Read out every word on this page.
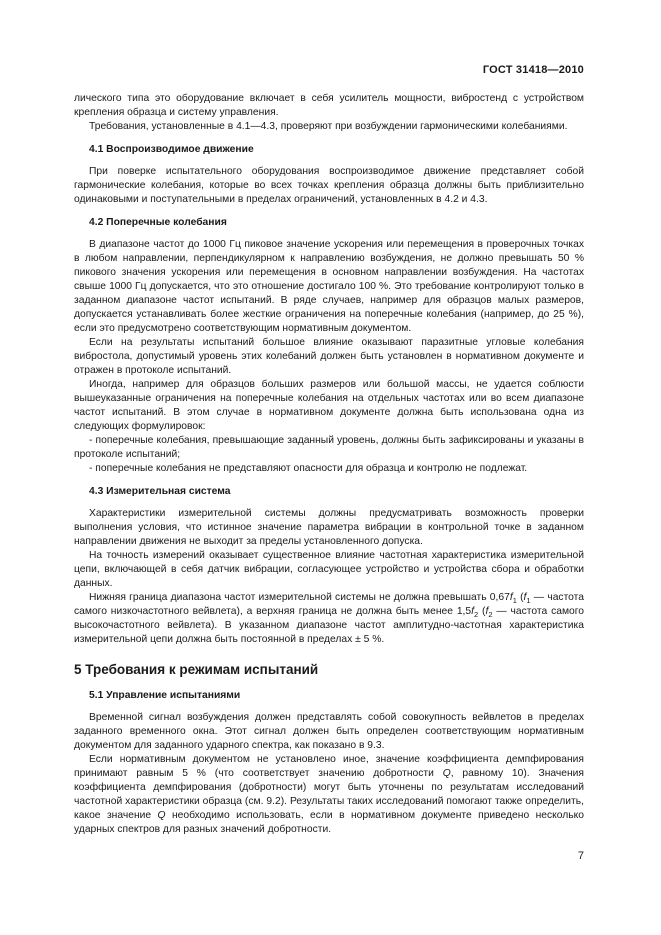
ГОСТ 31418—2010

лического типа это оборудование включает в себя усилитель мощности, вибростенд с устройством крепления образца и систему управления.

Требования, установленные в 4.1—4.3, проверяют при возбуждении гармоническими колебаниями.

4.1 Воспроизводимое движение

При поверке испытательного оборудования воспроизводимое движение представляет собой гармонические колебания, которые во всех точках крепления образца должны быть приблизительно одинаковыми и поступательными в пределах ограничений, установленных в 4.2 и 4.3.

4.2 Поперечные колебания

В диапазоне частот до 1000 Гц пиковое значение ускорения или перемещения в проверочных точках в любом направлении, перпендикулярном к направлению возбуждения, не должно превышать 50 % пикового значения ускорения или перемещения в основном направлении возбуждения. На частотах свыше 1000 Гц допускается, что это отношение достигало 100 %. Это требование контролируют только в заданном диапазоне частот испытаний. В ряде случаев, например для образцов малых размеров, допускается устанавливать более жесткие ограничения на поперечные колебания (например, до 25 %), если это предусмотрено соответствующим нормативным документом.

Если на результаты испытаний большое влияние оказывают паразитные угловые колебания вибростола, допустимый уровень этих колебаний должен быть установлен в нормативном документе и отражен в протоколе испытаний.

Иногда, например для образцов больших размеров или большой массы, не удается соблюсти вышеуказанные ограничения на поперечные колебания на отдельных частотах или во всем диапазоне частот испытаний. В этом случае в нормативном документе должна быть использована одна из следующих формулировок:

- поперечные колебания, превышающие заданный уровень, должны быть зафиксированы и указаны в протоколе испытаний;

- поперечные колебания не представляют опасности для образца и контролю не подлежат.

4.3 Измерительная система

Характеристики измерительной системы должны предусматривать возможность проверки выполнения условия, что истинное значение параметра вибрации в контрольной точке в заданном направлении движения не выходит за пределы установленного допуска.

На точность измерений оказывает существенное влияние частотная характеристика измерительной цепи, включающей в себя датчик вибрации, согласующее устройство и устройства сбора и обработки данных.

Нижняя граница диапазона частот измерительной системы не должна превышать $0,67f_1$ ($f_1$ — частота самого низкочастотного вейвлета), а верхняя граница не должна быть менее $1,5f_2$ ($f_2$ — частота самого высокочастотного вейвлета). В указанном диапазоне частот амплитудно-частотная характеристика измерительной цепи должна быть постоянной в пределах ± 5 %.

5 Требования к режимам испытаний
5.1 Управление испытаниями

Временной сигнал возбуждения должен представлять собой совокупность вейвлетов в пределах заданного временного окна. Этот сигнал должен быть определен соответствующим нормативным документом для заданного ударного спектра, как показано в 9.3.

Если нормативным документом не установлено иное, значение коэффициента демпфирования принимают равным 5 % (что соответствует значению добротности Q, равному 10). Значения коэффициента демпфирования (добротности) могут быть уточнены по результатам исследований частотной характеристики образца (см. 9.2). Результаты таких исследований помогают также определить, какое значение Q необходимо использовать, если в нормативном документе приведено несколько ударных спектров для разных значений добротности.

7
